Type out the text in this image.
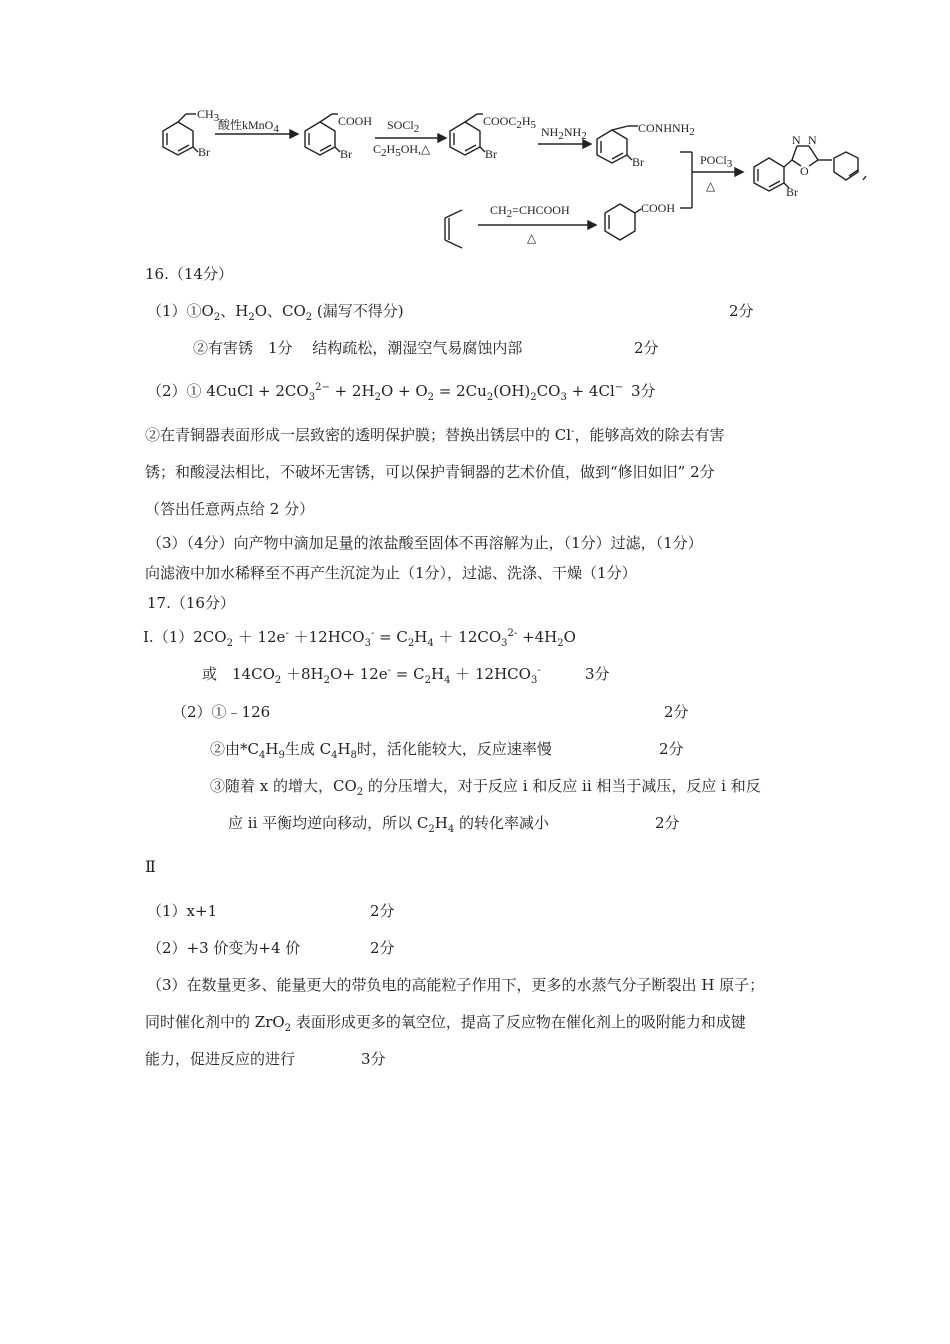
CH3
Br
酸性kMnO4
COOH
Br
SOCl2
C2H5OH,△
COOC2H5
Br
NH2NH2
CONHNH2
Br	POCl3
△
N N
O
Br
CH2=CHCOOH
△
COOH
16.（14分）
$(1)①O_2$、$H_2O$、$CO_2$ (漏写不得分)	2分
②有害锈　1分　 结构疏松，潮湿空气易腐蚀内部	2分
（2）① 4CuCl + $2CO_3^{2-} + 2H_2O + O_2 = 2Cu_2(OH)_2CO_3 + 4Cl^-$ 3分
②在青铜器表面形成一层致密的透明保护膜；替换出锈层中的 Cl-，能够高效的除去有害
锈；和酸浸法相比，不破坏无害锈，可以保护青铜器的艺术价值，做到“修旧如旧” 2分
（答出任意两点给 2 分）
（3）（4分）向产物中滴加足量的浓盐酸至固体不再溶解为止，（1分）过滤，（1分）
向滤液中加水稀释至不再产生沉淀为止（1分），过滤、洗涤、干燥（1分）
17.（16分）
$Ⅰ.(1)2CO_2 + 12e^- +12HCO_3^- = C_2H_4 + 12CO_3^{2-} +4H_2O$
或　$14CO_2 +8H_2O+ 12e^- = C_2H_4 + 12HCO_3^-$	3分
（2）①﹣126	2分
②由$*C_4H_9$生成 $C_4H_8$时，活化能较大，反应速率慢	2分
③随着 x 的增大，$CO_2$ 的分压增大，对于反应 i 和反应 ii 相当于减压，反应 i 和反
应 ii 平衡均逆向移动，所以 $C_2H_4$ 的转化率减小	2分
Ⅱ
（1）x+1	2分
（2）+3 价变为+4 价	2分
（3）在数量更多、能量更大的带负电的高能粒子作用下，更多的水蒸气分子断裂出 H 原子；
同时催化剂中的 ZrO$_2$ 表面形成更多的氧空位，提高了反应物在催化剂上的吸附能力和成键
能力，促进反应的进行	3分
